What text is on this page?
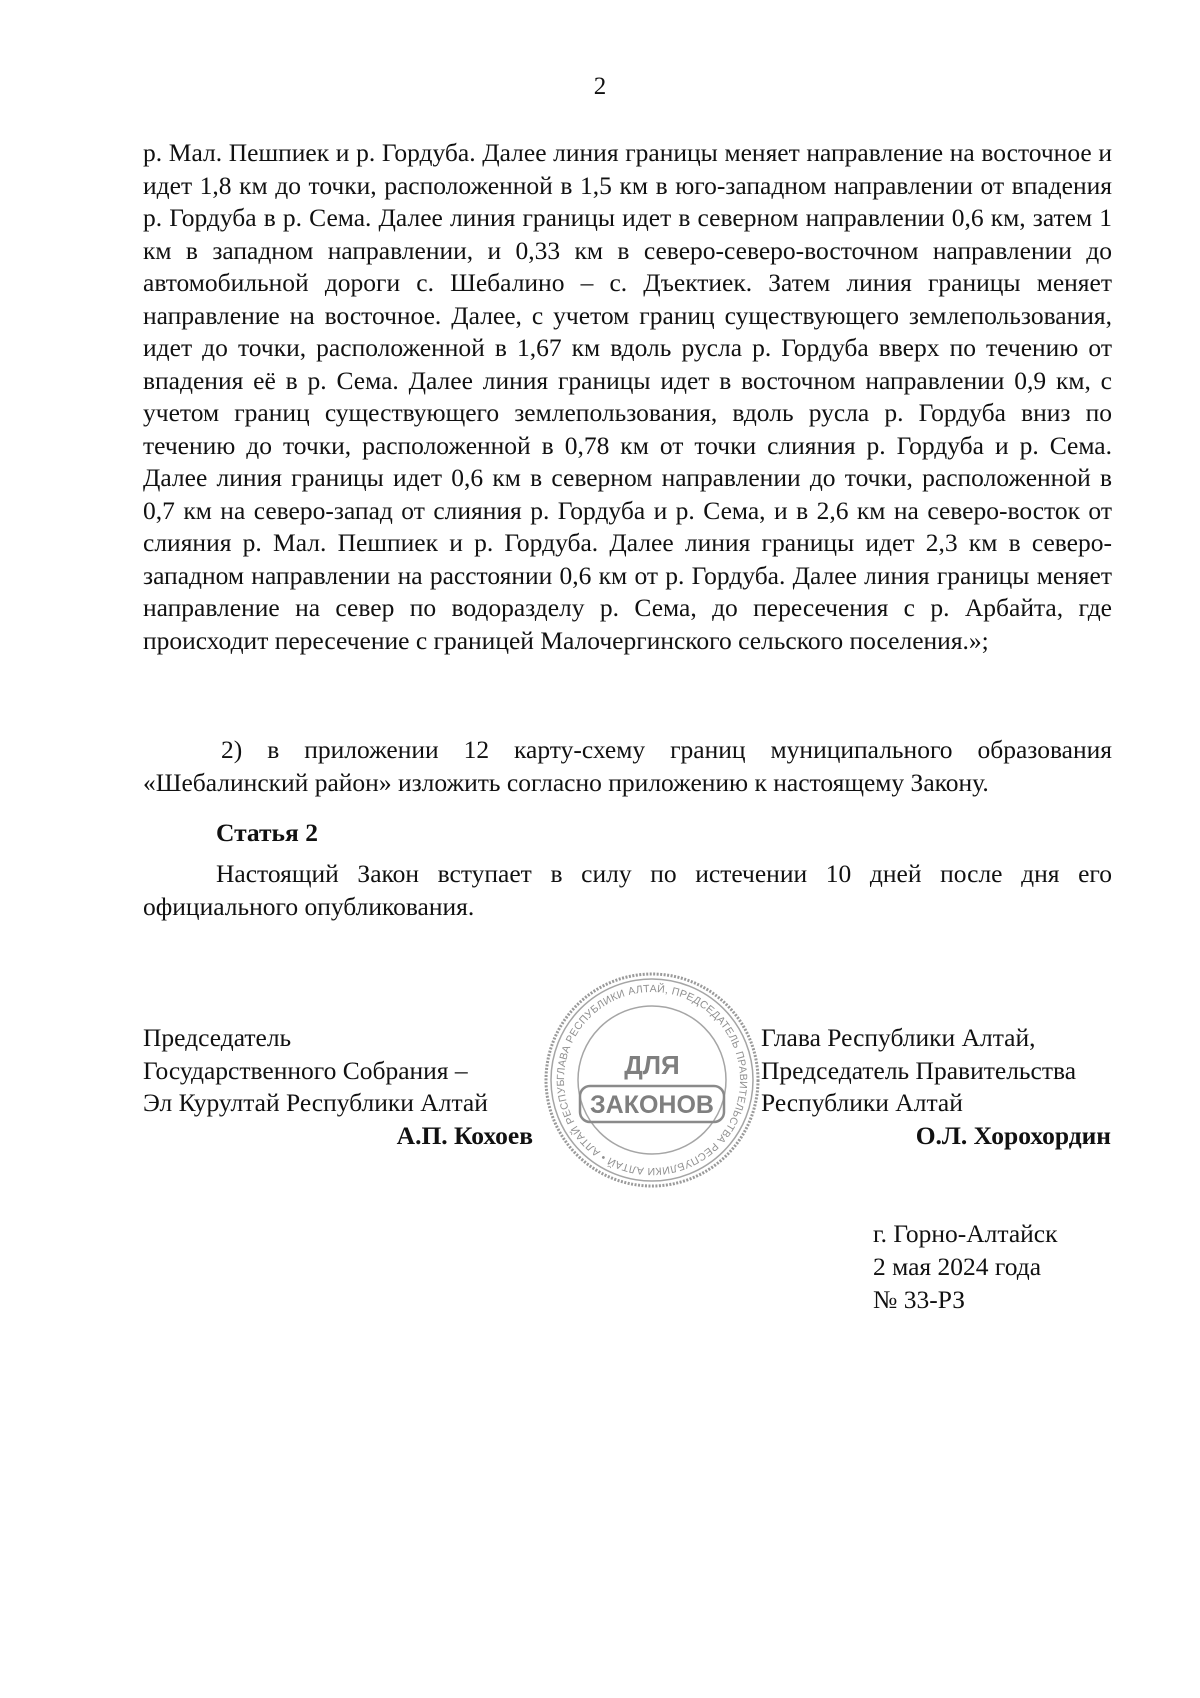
2
р. Мал. Пешпиек и р. Гордуба. Далее линия границы меняет направление на восточное и идет 1,8 км до точки, расположенной в 1,5 км в юго-западном направлении от впадения р. Гордуба в р. Сема. Далее линия границы идет в северном направлении 0,6 км, затем 1 км в западном направлении, и 0,33 км в северо-северо-восточном направлении до автомобильной дороги с. Шебалино – с. Дъектиек. Затем линия границы меняет направление на восточное. Далее, с учетом границ существующего землепользования, идет до точки, расположенной в 1,67 км вдоль русла р. Гордуба вверх по течению от впадения её в р. Сема. Далее линия границы идет в восточном направлении 0,9 км, с учетом границ существующего землепользования, вдоль русла р. Гордуба вниз по течению до точки, расположенной в 0,78 км от точки слияния р. Гордуба и р. Сема. Далее линия границы идет 0,6 км в северном направлении до точки, расположенной в 0,7 км на северо-запад от слияния р. Гордуба и р. Сема, и в 2,6 км на северо-восток от слияния р. Мал. Пешпиек и р. Гордуба. Далее линия границы идет 2,3 км в северо-западном направлении на расстоянии 0,6 км от р. Гордуба. Далее линия границы меняет направление на север по водоразделу р. Сема, до пересечения с р. Арбайта, где происходит пересечение с границей Малочергинского сельского поселения.»;
2) в приложении 12 карту-схему границ муниципального образования «Шебалинский район» изложить согласно приложению к настоящему Закону.
Статья 2
Настоящий Закон вступает в силу по истечении 10 дней после дня его официального опубликования.
Председатель
Государственного Собрания –
Эл Курултай Республики Алтай
А.П. Кохоев
Глава Республики Алтай,
Председатель Правительства
Республики Алтай
О.Л. Хорохордин
ГЛАВА РЕСПУБЛИКИ АЛТАЙ, ПРЕДСЕДАТЕЛЬ ПРАВИТЕЛЬСТВА РЕСПУБЛИКИ АЛТАЙ • АЛТАЙ РЕСПУБ
ДЛЯ
ЗАКОНОВ
г. Горно-Алтайск
2 мая 2024 года
№ 33-РЗ
